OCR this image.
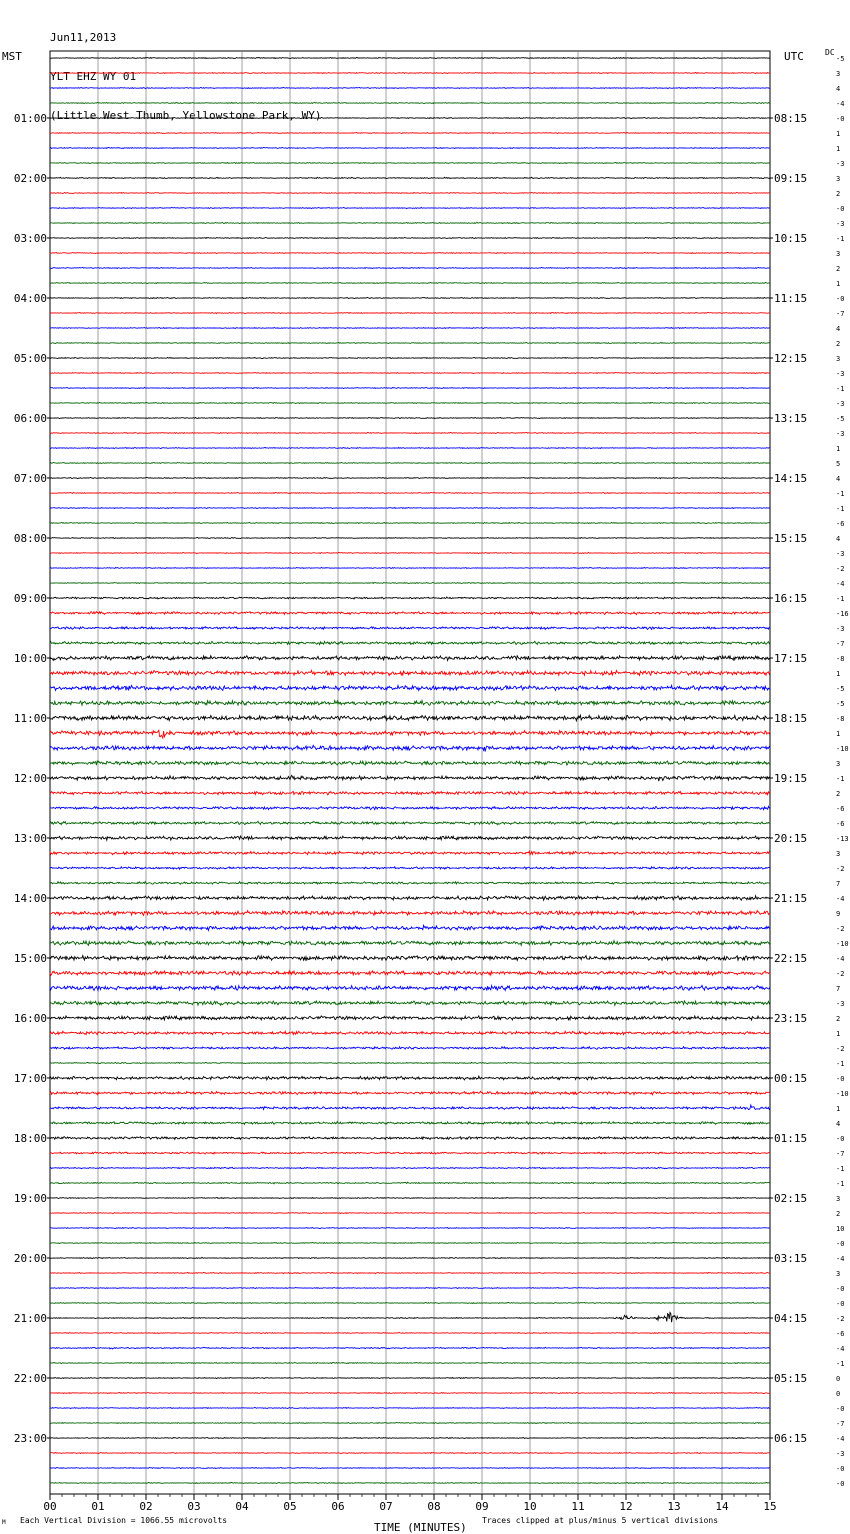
Jun11,2013

YLT EHZ WY 01

(Little West Thumb, Yellowstone Park, WY)

MST	UTC	DC
00	01	02	03	04	05	06	07	08	09	10	11	12	13	14	15
-5
3
4
-4
-0
1
1
-3
3
2
-0
-3
-1
3
2
1
-0
-7
4
2
3
-3
-1
-3
-5
-3
1
5
4
-1
-1
-6
4
-3
-2
-4
-1
-16
-3
-7
-8
1
-5
-5
-8
1
-10
3
-1
2
-6
-6
-13
3
-2
7
-4
9
-2
-10
-4
-2
7
-3
2
1
-2
-1
-0
-10
1
4
-0
-7
-1
-1
3
2
10
-0
-4
3
-0
-0
-2
-6
-4
-1
0
0
-0
-7
-4
-3
-0
-0
01:00
02:00
03:00
04:00
05:00
06:00
07:00
08:00
09:00
10:00
11:00
12:00
13:00
14:00
15:00
16:00
17:00
18:00
19:00
20:00
21:00
22:00
23:00
08:15
09:15
10:15
11:15
12:15
13:15
14:15
15:15
16:15
17:15
18:15
19:15
20:15
21:15
22:15
23:15
00:15
01:15
02:15
03:15
04:15
05:15
06:15
TIME (MINUTES)
M Each Vertical Division = 1066.55 microvolts	Traces clipped at plus/minus 5 vertical divisions
